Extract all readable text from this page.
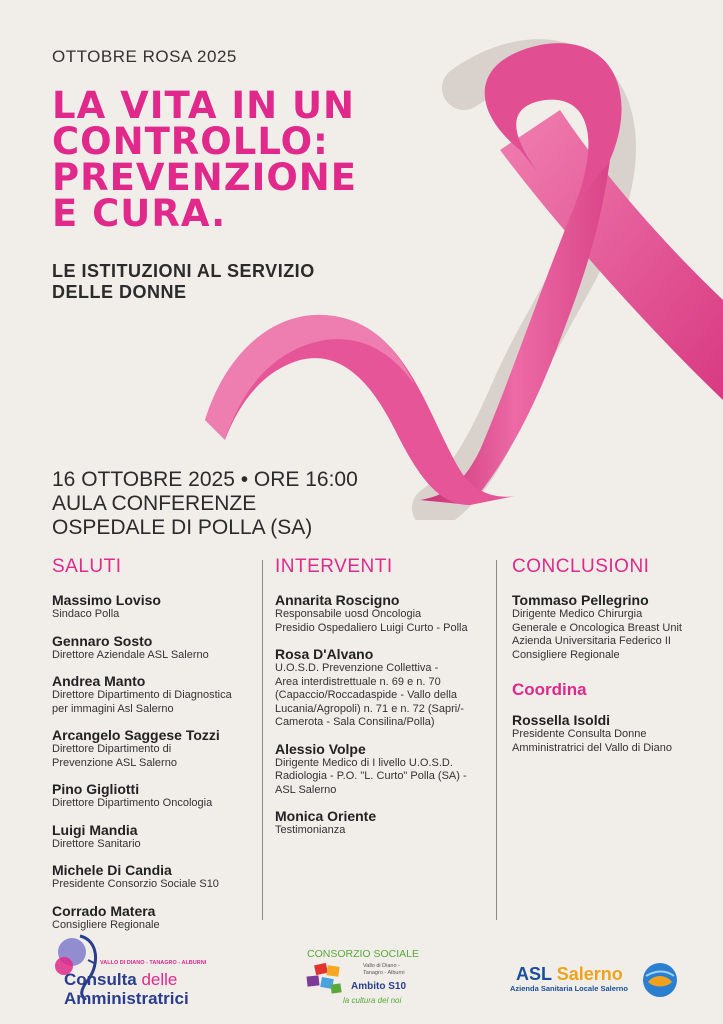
OTTOBRE ROSA 2025
LA VITA IN UN
CONTROLLO:
PREVENZIONE
E CURA.
LE ISTITUZIONI AL SERVIZIO
DELLE DONNE
16 OTTOBRE 2025 • ORE 16:00
AULA CONFERENZE
OSPEDALE DI POLLA (SA)
SALUTI
Massimo Loviso
Sindaco Polla
Gennaro Sosto
Direttore Aziendale ASL Salerno
Andrea Manto
Direttore Dipartimento di Diagnostica
per immagini Asl Salerno
Arcangelo Saggese Tozzi
Direttore Dipartimento di
Prevenzione ASL Salerno
Pino Gigliotti
Direttore Dipartimento Oncologia
Luigi Mandia
Direttore Sanitario
Michele Di Candia
Presidente Consorzio Sociale S10
Corrado Matera
Consigliere Regionale
INTERVENTI
Annarita Roscigno
Responsabile uosd Oncologia
Presidio Ospedaliero Luigi Curto - Polla
Rosa D'Alvano
U.O.S.D. Prevenzione Collettiva -
Area interdistrettuale n. 69 e n. 70
(Capaccio/Roccadaspide - Vallo della
Lucania/Agropoli) n. 71 e n. 72 (Sapri/-
Camerota - Sala Consilina/Polla)
Alessio Volpe
Dirigente Medico di I livello U.O.S.D.
Radiologia - P.O. "L. Curto" Polla (SA) -
ASL Salerno
Monica Oriente
Testimonianza
CONCLUSIONI
Tommaso Pellegrino
Dirigente Medico Chirurgia
Generale e Oncologica Breast Unit
Azienda Universitaria Federico II
Consigliere Regionale
Coordina
Rossella Isoldi
Presidente Consulta Donne
Amministratrici del Vallo di Diano
VALLO DI DIANO - TANAGRO - ALBURNI
Consulta delle
Amministratrici
CONSORZIO SOCIALE
Vallo di Diano -
Tanagro - Alburni
Ambito S10
la cultura del noi
ASL Salerno
Azienda Sanitaria Locale Salerno
